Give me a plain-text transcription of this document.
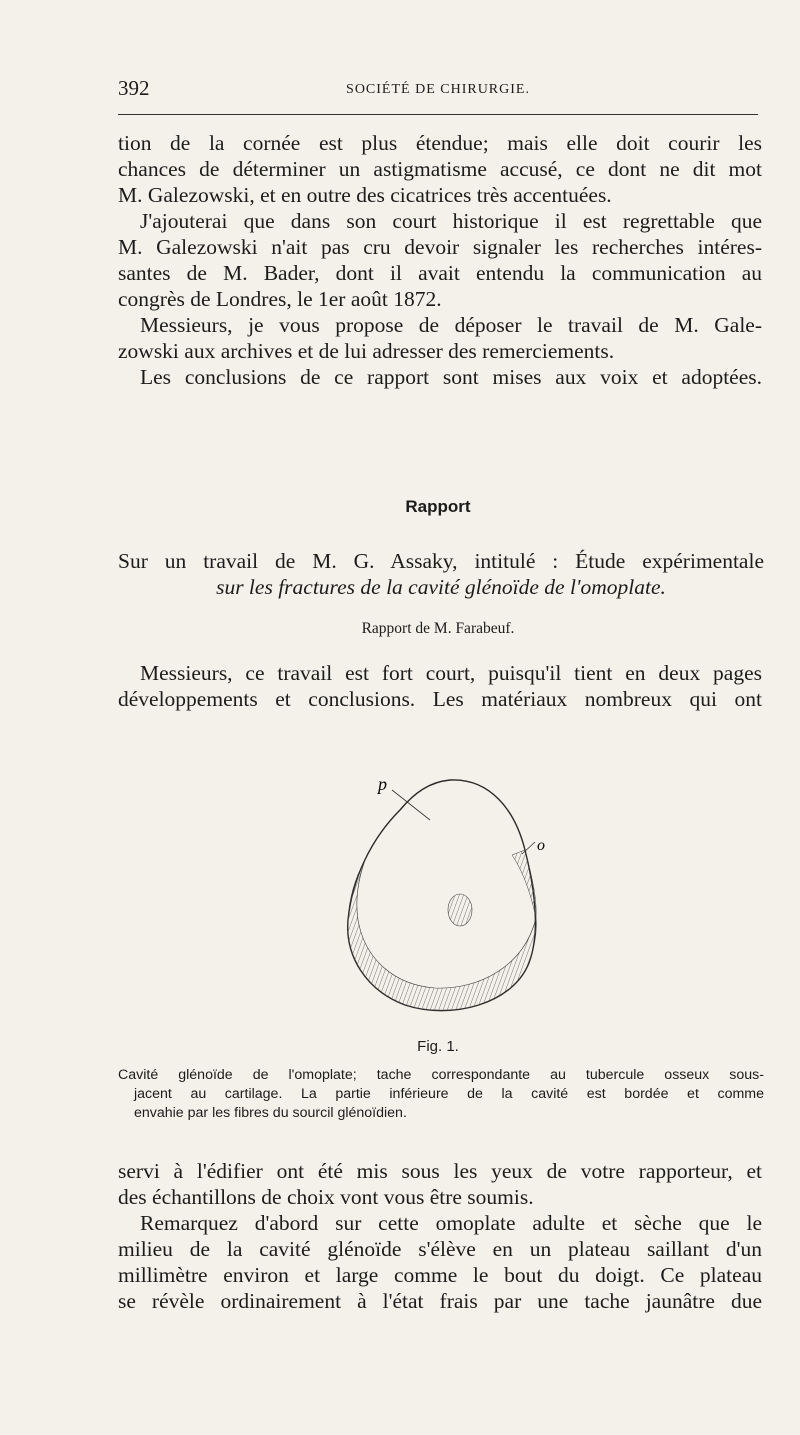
392	SOCIÉTÉ DE CHIRURGIE.

tion de la cornée est plus étendue; mais elle doit courir les

chances de déterminer un astigmatisme accusé, ce dont ne dit mot

M. Galezowski, et en outre des cicatrices très accentuées.

J'ajouterai que dans son court historique il est regrettable que

M. Galezowski n'ait pas cru devoir signaler les recherches intéres-

santes de M. Bader, dont il avait entendu la communication au

congrès de Londres, le 1er août 1872.

Messieurs, je vous propose de déposer le travail de M. Gale-

zowski aux archives et de lui adresser des remerciements.

Les conclusions de ce rapport sont mises aux voix et adoptées.

Rapport
Sur un travail de M. G. Assaky, intitulé : Étude expérimentale
sur les fractures de la cavité glénoïde de l'omoplate.
Rapport de M. Farabeuf.

Messieurs, ce travail est fort court, puisqu'il tient en deux pages

développements et conclusions. Les matériaux nombreux qui ont

p
o
Fig. 1.
Cavité glénoïde de l'omoplate; tache correspondante au tubercule osseux sous-
jacent au cartilage. La partie inférieure de la cavité est bordée et comme
envahie par les fibres du sourcil glénoïdien.

servi à l'édifier ont été mis sous les yeux de votre rapporteur, et

des échantillons de choix vont vous être soumis.

Remarquez d'abord sur cette omoplate adulte et sèche que le

milieu de la cavité glénoïde s'élève en un plateau saillant d'un

millimètre environ et large comme le bout du doigt. Ce plateau

se révèle ordinairement à l'état frais par une tache jaunâtre due
